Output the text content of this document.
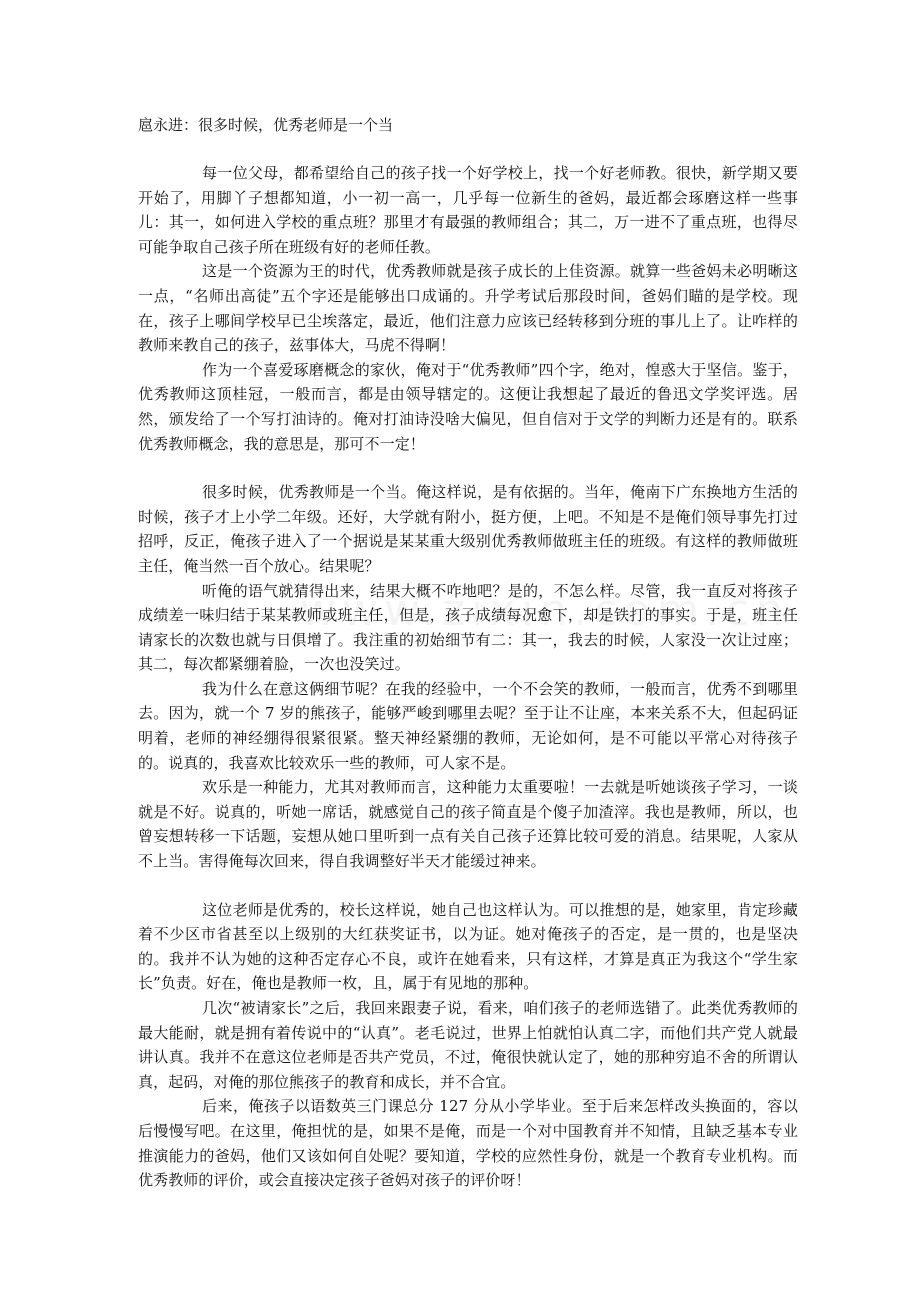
扈永进：很多时候，优秀老师是一个当

每一位父母，都希望给自己的孩子找一个好学校上，找一个好老师教。很快，新学期又要开始了，用脚丫子想都知道，小一初一高一，几乎每一位新生的爸妈，最近都会琢磨这样一些事儿：其一，如何进入学校的重点班？那里才有最强的教师组合；其二，万一进不了重点班，也得尽可能争取自己孩子所在班级有好的老师任教。

这是一个资源为王的时代，优秀教师就是孩子成长的上佳资源。就算一些爸妈未必明晰这一点，“名师出高徒”五个字还是能够出口成诵的。升学考试后那段时间，爸妈们瞄的是学校。现在，孩子上哪间学校早已尘埃落定，最近，他们注意力应该已经转移到分班的事儿上了。让咋样的教师来教自己的孩子，兹事体大，马虎不得啊！

作为一个喜爱琢磨概念的家伙，俺对于“优秀教师”四个字，绝对，惶惑大于坚信。鉴于，优秀教师这顶桂冠，一般而言，都是由领导辖定的。这便让我想起了最近的鲁迅文学奖评选。居然，颁发给了一个写打油诗的。俺对打油诗没啥大偏见，但自信对于文学的判断力还是有的。联系优秀教师概念，我的意思是，那可不一定！

很多时候，优秀教师是一个当。俺这样说，是有依据的。当年，俺南下广东换地方生活的时候，孩子才上小学二年级。还好，大学就有附小，挺方便，上吧。不知是不是俺们领导事先打过招呼，反正，俺孩子进入了一个据说是某某重大级别优秀教师做班主任的班级。有这样的教师做班主任，俺当然一百个放心。结果呢？

听俺的语气就猜得出来，结果大概不咋地吧？是的，不怎么样。尽管，我一直反对将孩子成绩差一味归结于某某教师或班主任，但是，孩子成绩每况愈下，却是铁打的事实。于是，班主任请家长的次数也就与日俱增了。我注重的初始细节有二：其一，我去的时候，人家没一次让过座；其二，每次都紧绷着脸，一次也没笑过。

我为什么在意这俩细节呢？在我的经验中，一个不会笑的教师，一般而言，优秀不到哪里去。因为，就一个 7 岁的熊孩子，能够严峻到哪里去呢？至于让不让座，本来关系不大，但起码证明着，老师的神经绷得很紧很紧。整天神经紧绷的教师，无论如何，是不可能以平常心对待孩子的。说真的，我喜欢比较欢乐一些的教师，可人家不是。

欢乐是一种能力，尤其对教师而言，这种能力太重要啦！一去就是听她谈孩子学习，一谈就是不好。说真的，听她一席话，就感觉自己的孩子简直是个傻子加渣滓。我也是教师，所以，也曾妄想转移一下话题，妄想从她口里听到一点有关自己孩子还算比较可爱的消息。结果呢，人家从不上当。害得俺每次回来，得自我调整好半天才能缓过神来。

这位老师是优秀的，校长这样说，她自己也这样认为。可以推想的是，她家里，肯定珍藏着不少区市省甚至以上级别的大红获奖证书，以为证。她对俺孩子的否定，是一贯的，也是坚决的。我并不认为她的这种否定存心不良，或许在她看来，只有这样，才算是真正为我这个“学生家长”负责。好在，俺也是教师一枚，且，属于有见地的那种。

几次“被请家长”之后，我回来跟妻子说，看来，咱们孩子的老师选错了。此类优秀教师的最大能耐，就是拥有着传说中的“认真”。老毛说过，世界上怕就怕认真二字，而他们共产党人就最讲认真。我并不在意这位老师是否共产党员，不过，俺很快就认定了，她的那种穷追不舍的所谓认真，起码，对俺的那位熊孩子的教育和成长，并不合宜。

后来，俺孩子以语数英三门课总分 127 分从小学毕业。至于后来怎样改头换面的，容以后慢慢写吧。在这里，俺担忧的是，如果不是俺，而是一个对中国教育并不知情，且缺乏基本专业推演能力的爸妈，他们又该如何自处呢？要知道，学校的应然性身份，就是一个教育专业机构。而优秀教师的评价，或会直接决定孩子爸妈对孩子的评价呀！
